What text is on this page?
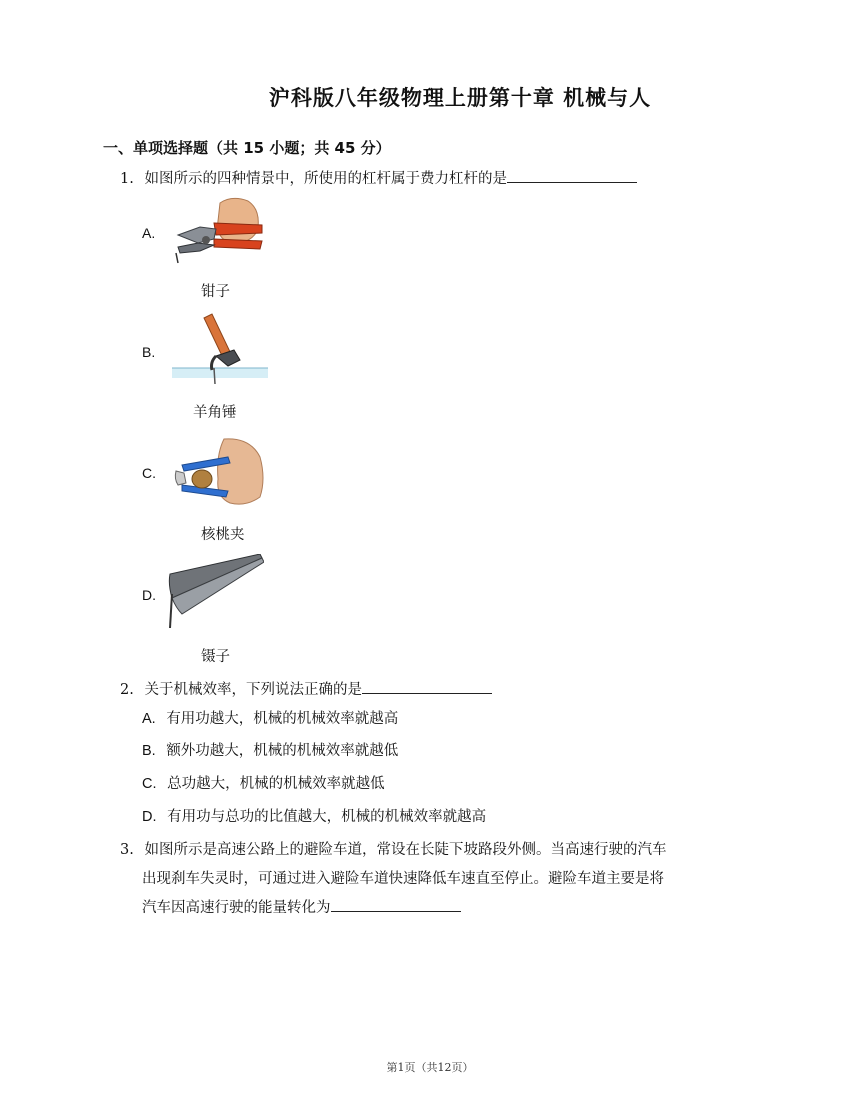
沪科版八年级物理上册第十章 机械与人
一、单项选择题（共 15 小题；共 45 分）
1. 如图所示的四种情景中，所使用的杠杆属于费力杠杆的是
A.
钳子
B.
羊角锤
C.
核桃夹
D.
镊子
2. 关于机械效率，下列说法正确的是
A. 有用功越大，机械的机械效率就越高
B. 额外功越大，机械的机械效率就越低
C. 总功越大，机械的机械效率就越低
D. 有用功与总功的比值越大，机械的机械效率就越高
3. 如图所示是高速公路上的避险车道，常设在长陡下坡路段外侧。当高速行驶的汽车
出现刹车失灵时，可通过进入避险车道快速降低车速直至停止。避险车道主要是将
汽车因高速行驶的能量转化为
第1页（共12页）
